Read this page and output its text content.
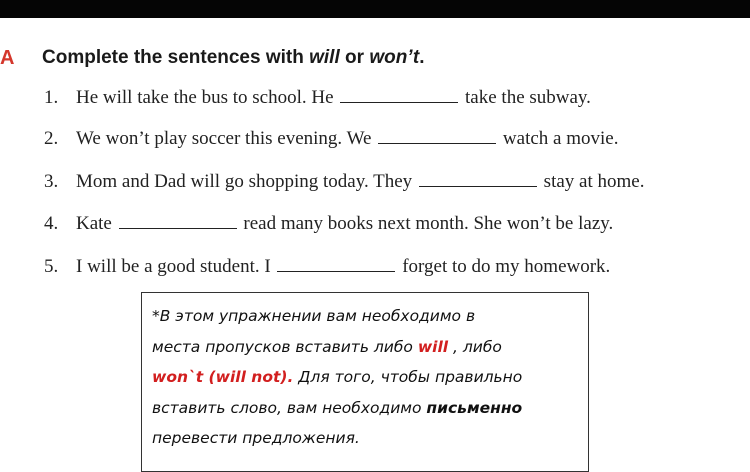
A Complete the sentences with will or won’t.
1. He will take the bus to school. He	take the subway.
2. We won’t play soccer this evening. We	watch a movie.
3. Mom and Dad will go shopping today. They	stay at home.
4. Kate	read many books next month. She won’t be lazy.
5. I will be a good student. I	forget to do my homework.

*В этом упражнении вам необходимо в

места пропусков вставить либо will , либо

won`t (will not). Для того, чтобы правильно

вставить слово, вам необходимо письменно

перевести предложения.
